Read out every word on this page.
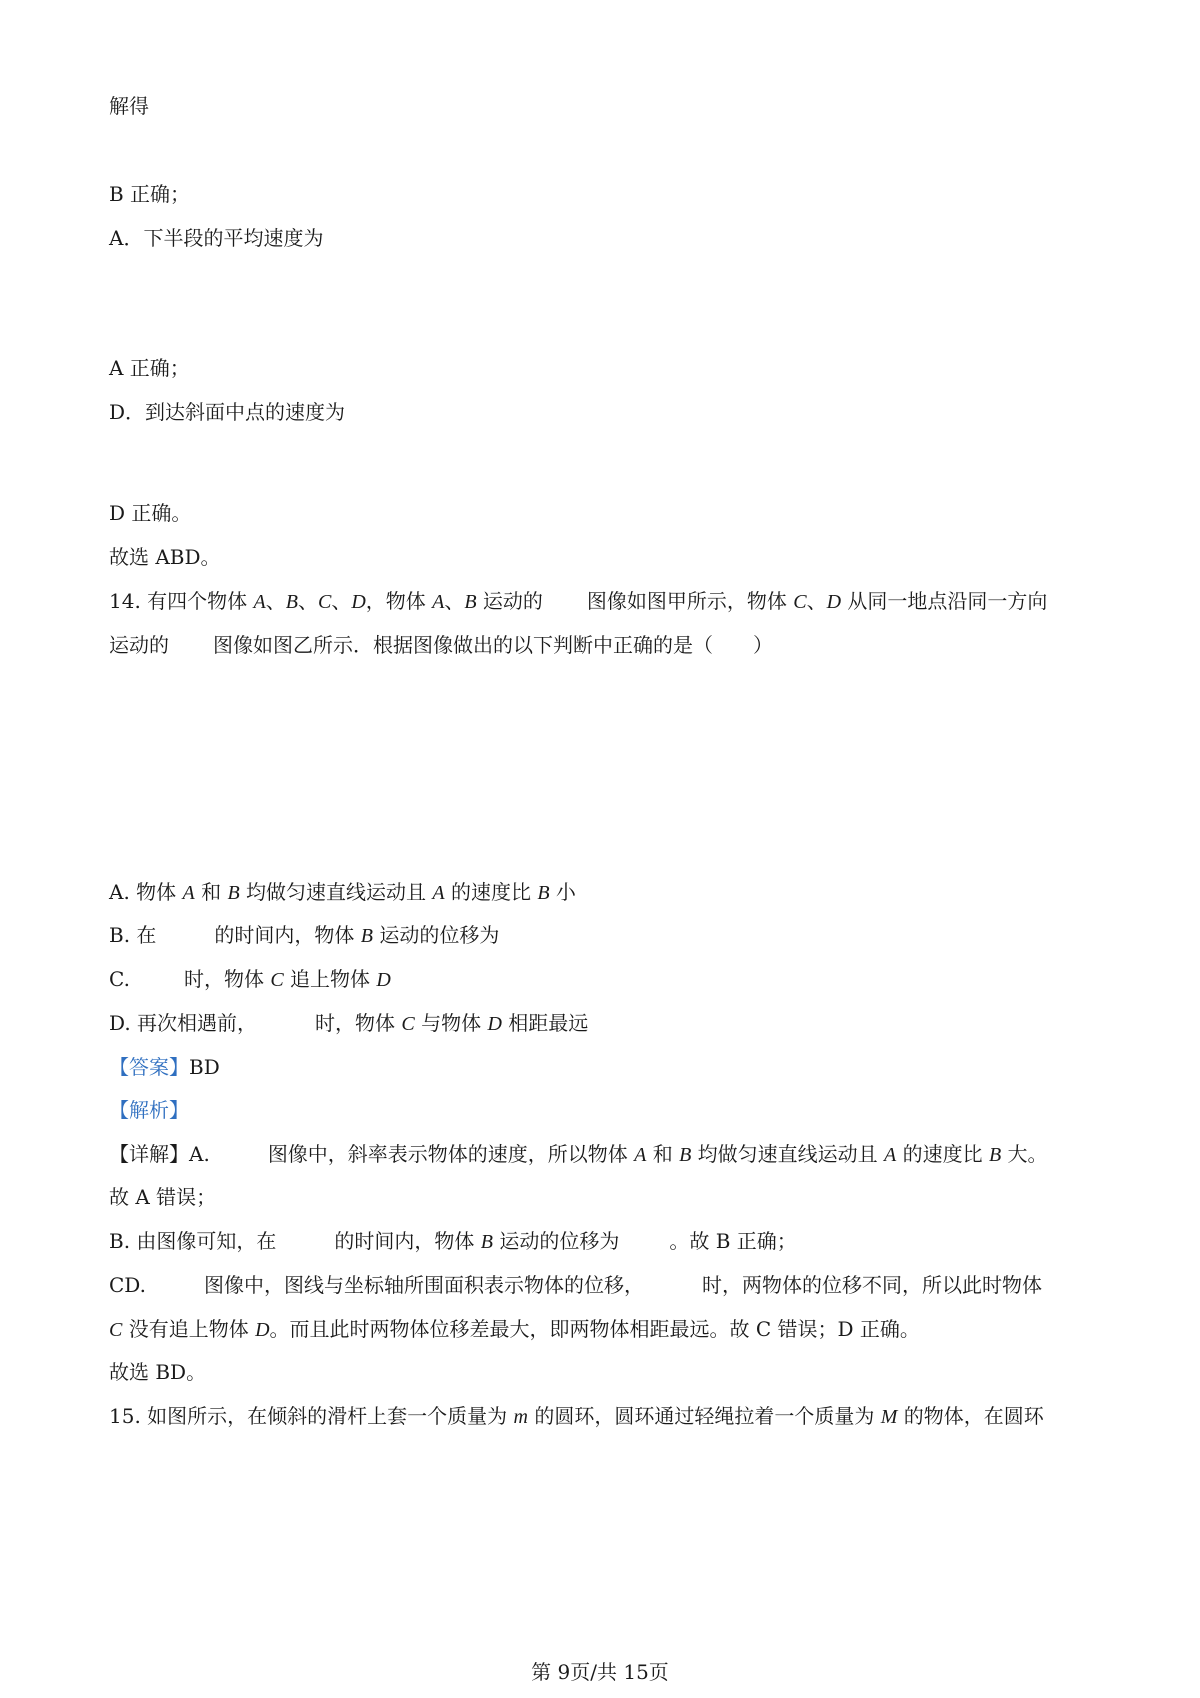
解得
B 正确；
A．下半段的平均速度为
A 正确；
D．到达斜面中点的速度为
D 正确。
故选 ABD。
14. 有四个物体 A、B、C、D，物体 A、B 运动的 图像如图甲所示，物体 C、D 从同一地点沿同一方向
运动的 图像如图乙所示．根据图像做出的以下判断中正确的是（　　）
A. 物体 A 和 B 均做匀速直线运动且 A 的速度比 B 小
B. 在	的时间内，物体 B 运动的位移为
C.	时，物体 C 追上物体 D
D. 再次相遇前，	时，物体 C 与物体 D 相距最远
【答案】BD
【解析】
【详解】A.	图像中，斜率表示物体的速度，所以物体 A 和 B 均做匀速直线运动且 A 的速度比 B 大。
故 A 错误；
B. 由图像可知，在	的时间内，物体 B 运动的位移为	。故 B 正确；
CD.	图像中，图线与坐标轴所围面积表示物体的位移，	时，两物体的位移不同，所以此时物体
C 没有追上物体 D。而且此时两物体位移差最大，即两物体相距最远。故 C 错误；D 正确。
故选 BD。
15. 如图所示，在倾斜的滑杆上套一个质量为 m 的圆环，圆环通过轻绳拉着一个质量为 M 的物体，在圆环
第 9页/共 15页
